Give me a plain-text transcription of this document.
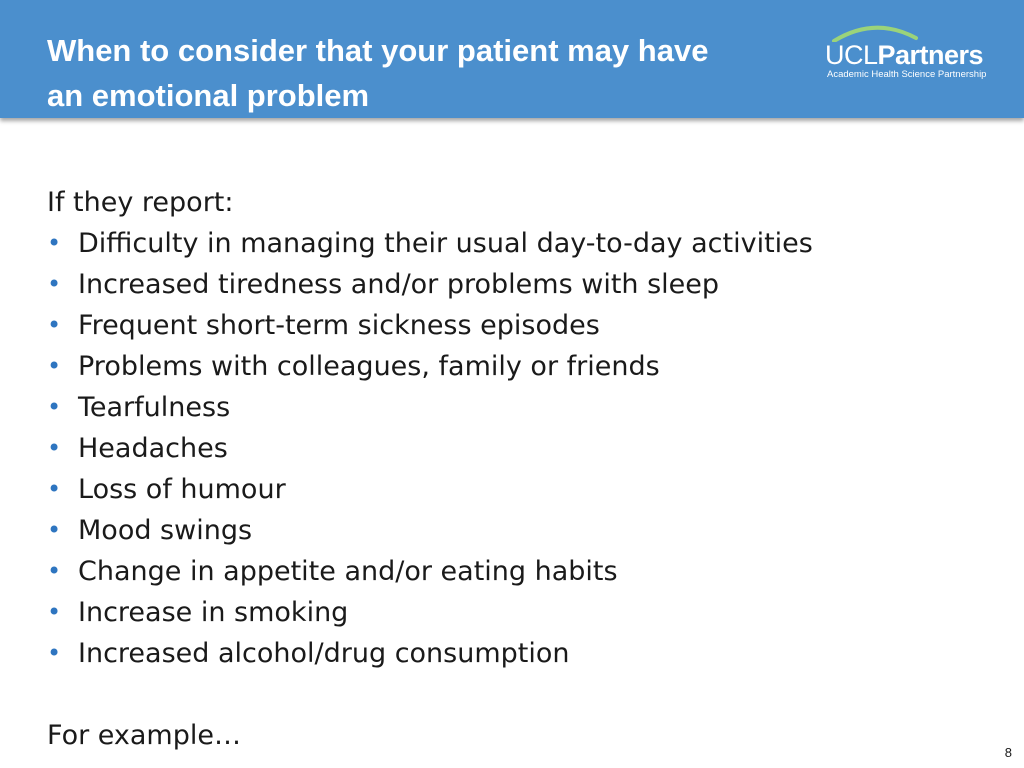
When to consider that your patient may have an emotional problem
UCLPartners
Academic Health Science Partnership

If they report:

• Difficulty in managing their usual day-to-day activities
• Increased tiredness and/or problems with sleep
• Frequent short-term sickness episodes
• Problems with colleagues, family or friends
• Tearfulness
• Headaches
• Loss of humour
• Mood swings
• Change in appetite and/or eating habits
• Increase in smoking
• Increased alcohol/drug consumption

For example…

8
